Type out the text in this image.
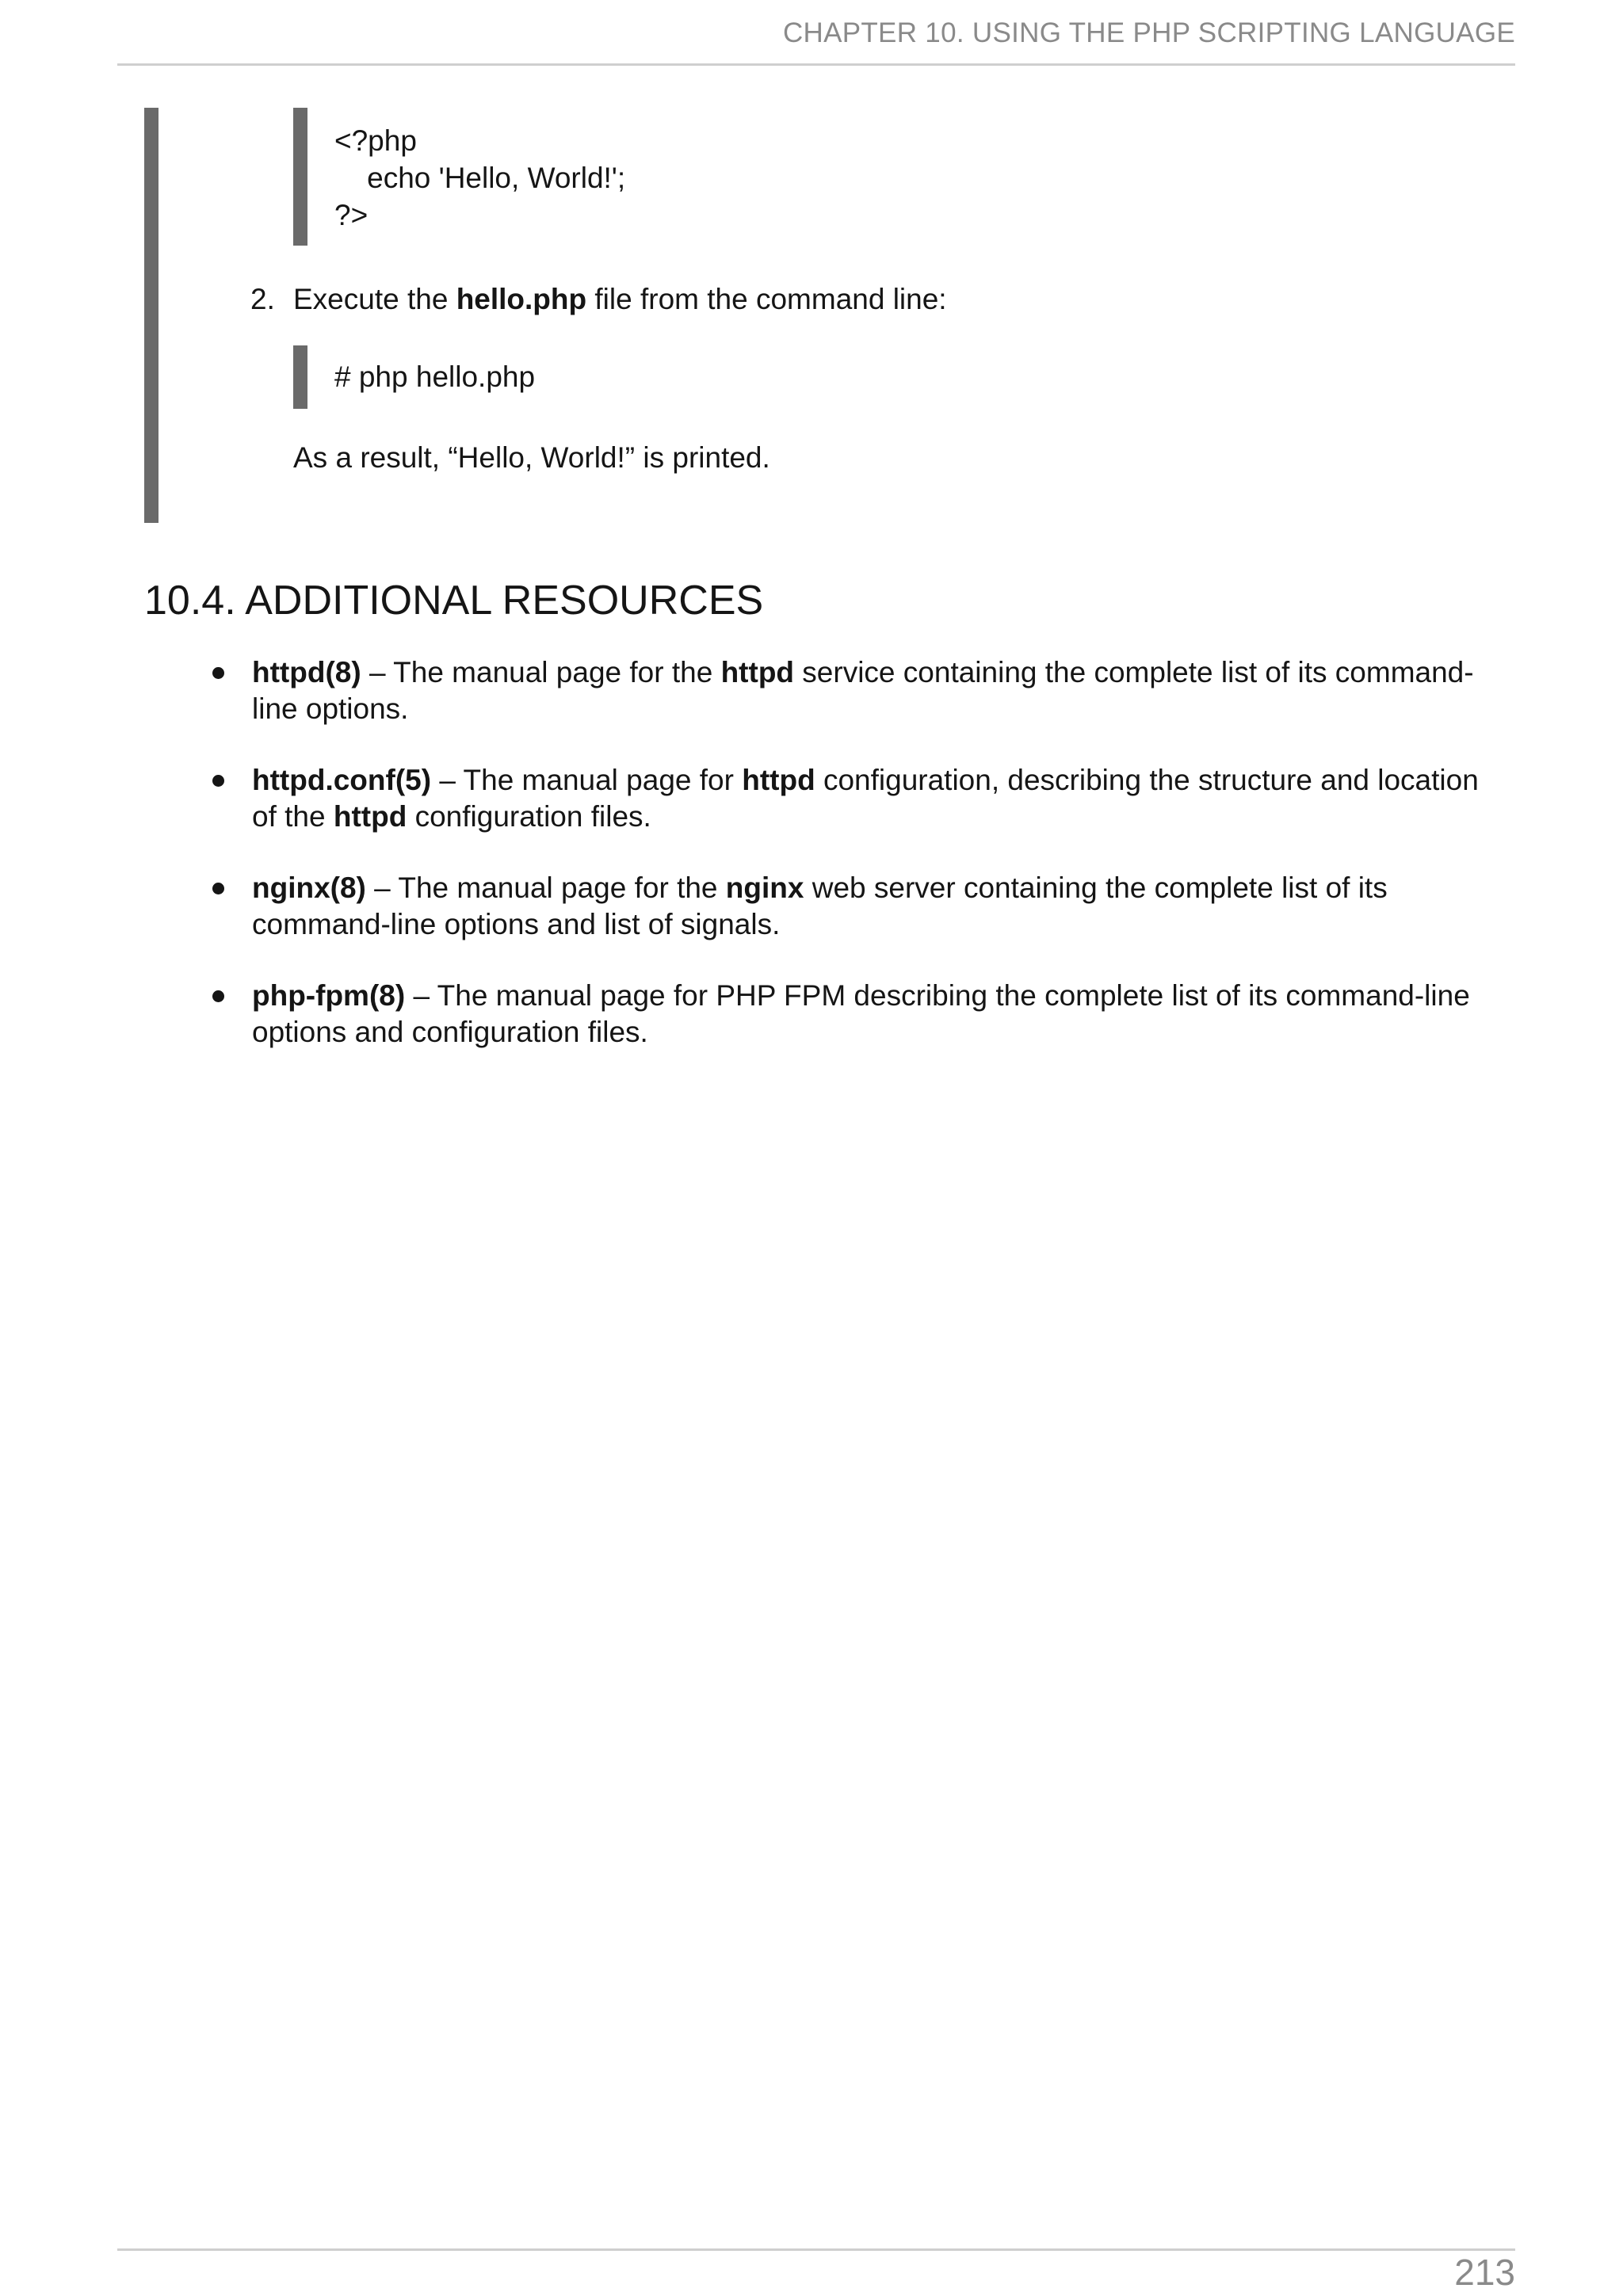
CHAPTER 10. USING THE PHP SCRIPTING LANGUAGE
<?php
echo 'Hello, World!';
?>
2. Execute the hello.php file from the command line:
# php hello.php
As a result, “Hello, World!” is printed.
10.4. ADDITIONAL RESOURCES
httpd(8) – The manual page for the httpd service containing the complete list of its command-line options.
httpd.conf(5) – The manual page for httpd configuration, describing the structure and location of the httpd configuration files.
nginx(8) – The manual page for the nginx web server containing the complete list of its command-line options and list of signals.
php-fpm(8) – The manual page for PHP FPM describing the complete list of its command-line options and configuration files.
213
